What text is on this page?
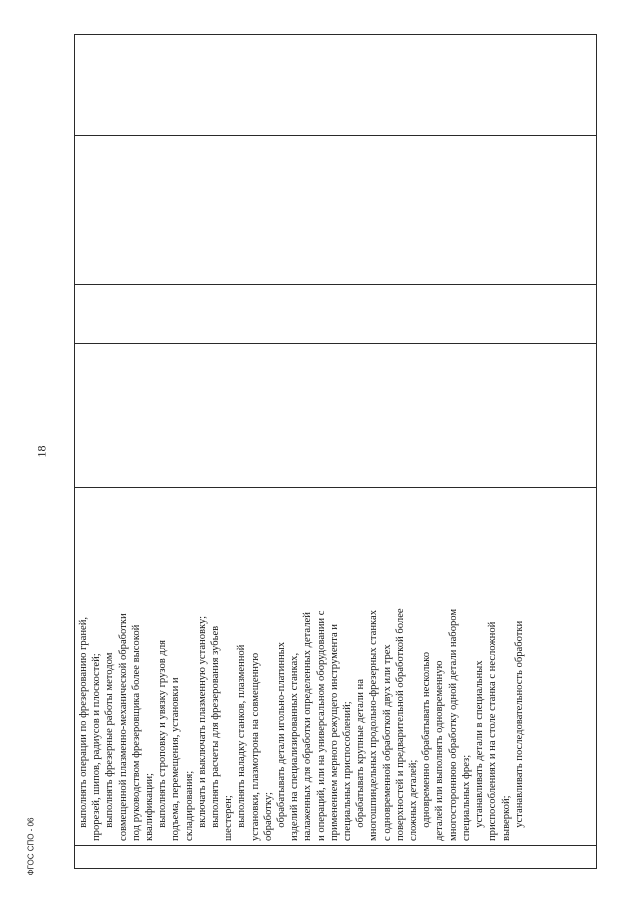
выполнять операции по фрезерованию граней, прорезей, шипов, радиусов и плоскостей; выполнять фрезерные работы методом совмещенной плазменно-механической обработки под руководством фрезеровщика более высокой квалификации; выполнять строповку и увязку грузов для подъема, перемещения, установки и складирования; включать и выключать плазменную установку; выполнять расчеты для фрезерования зубьев шестерен; выполнять наладку станков, плазменной установки, плазмотрона на совмещенную обработку; обрабатывать детали игольно-платинных изделий на специализированных станках, налаженных для обработки определенных деталей и операций, или на универсальном оборудовании с применением мерного режущего инструмента и специальных приспособлений; обрабатывать крупные детали на многошпиндельных продольно-фрезерных станках с одновременной обработкой двух или трех поверхностей и предварительной обработкой более сложных деталей; одновременно обрабатывать несколько деталей или выполнять одновременную многостороннюю обработку одной детали набором специальных фрез; устанавливать детали в специальных приспособлениях и на столе станка с несложной выверкой; устанавливать последовательность обработки
18
ФГОС СПО - 06
